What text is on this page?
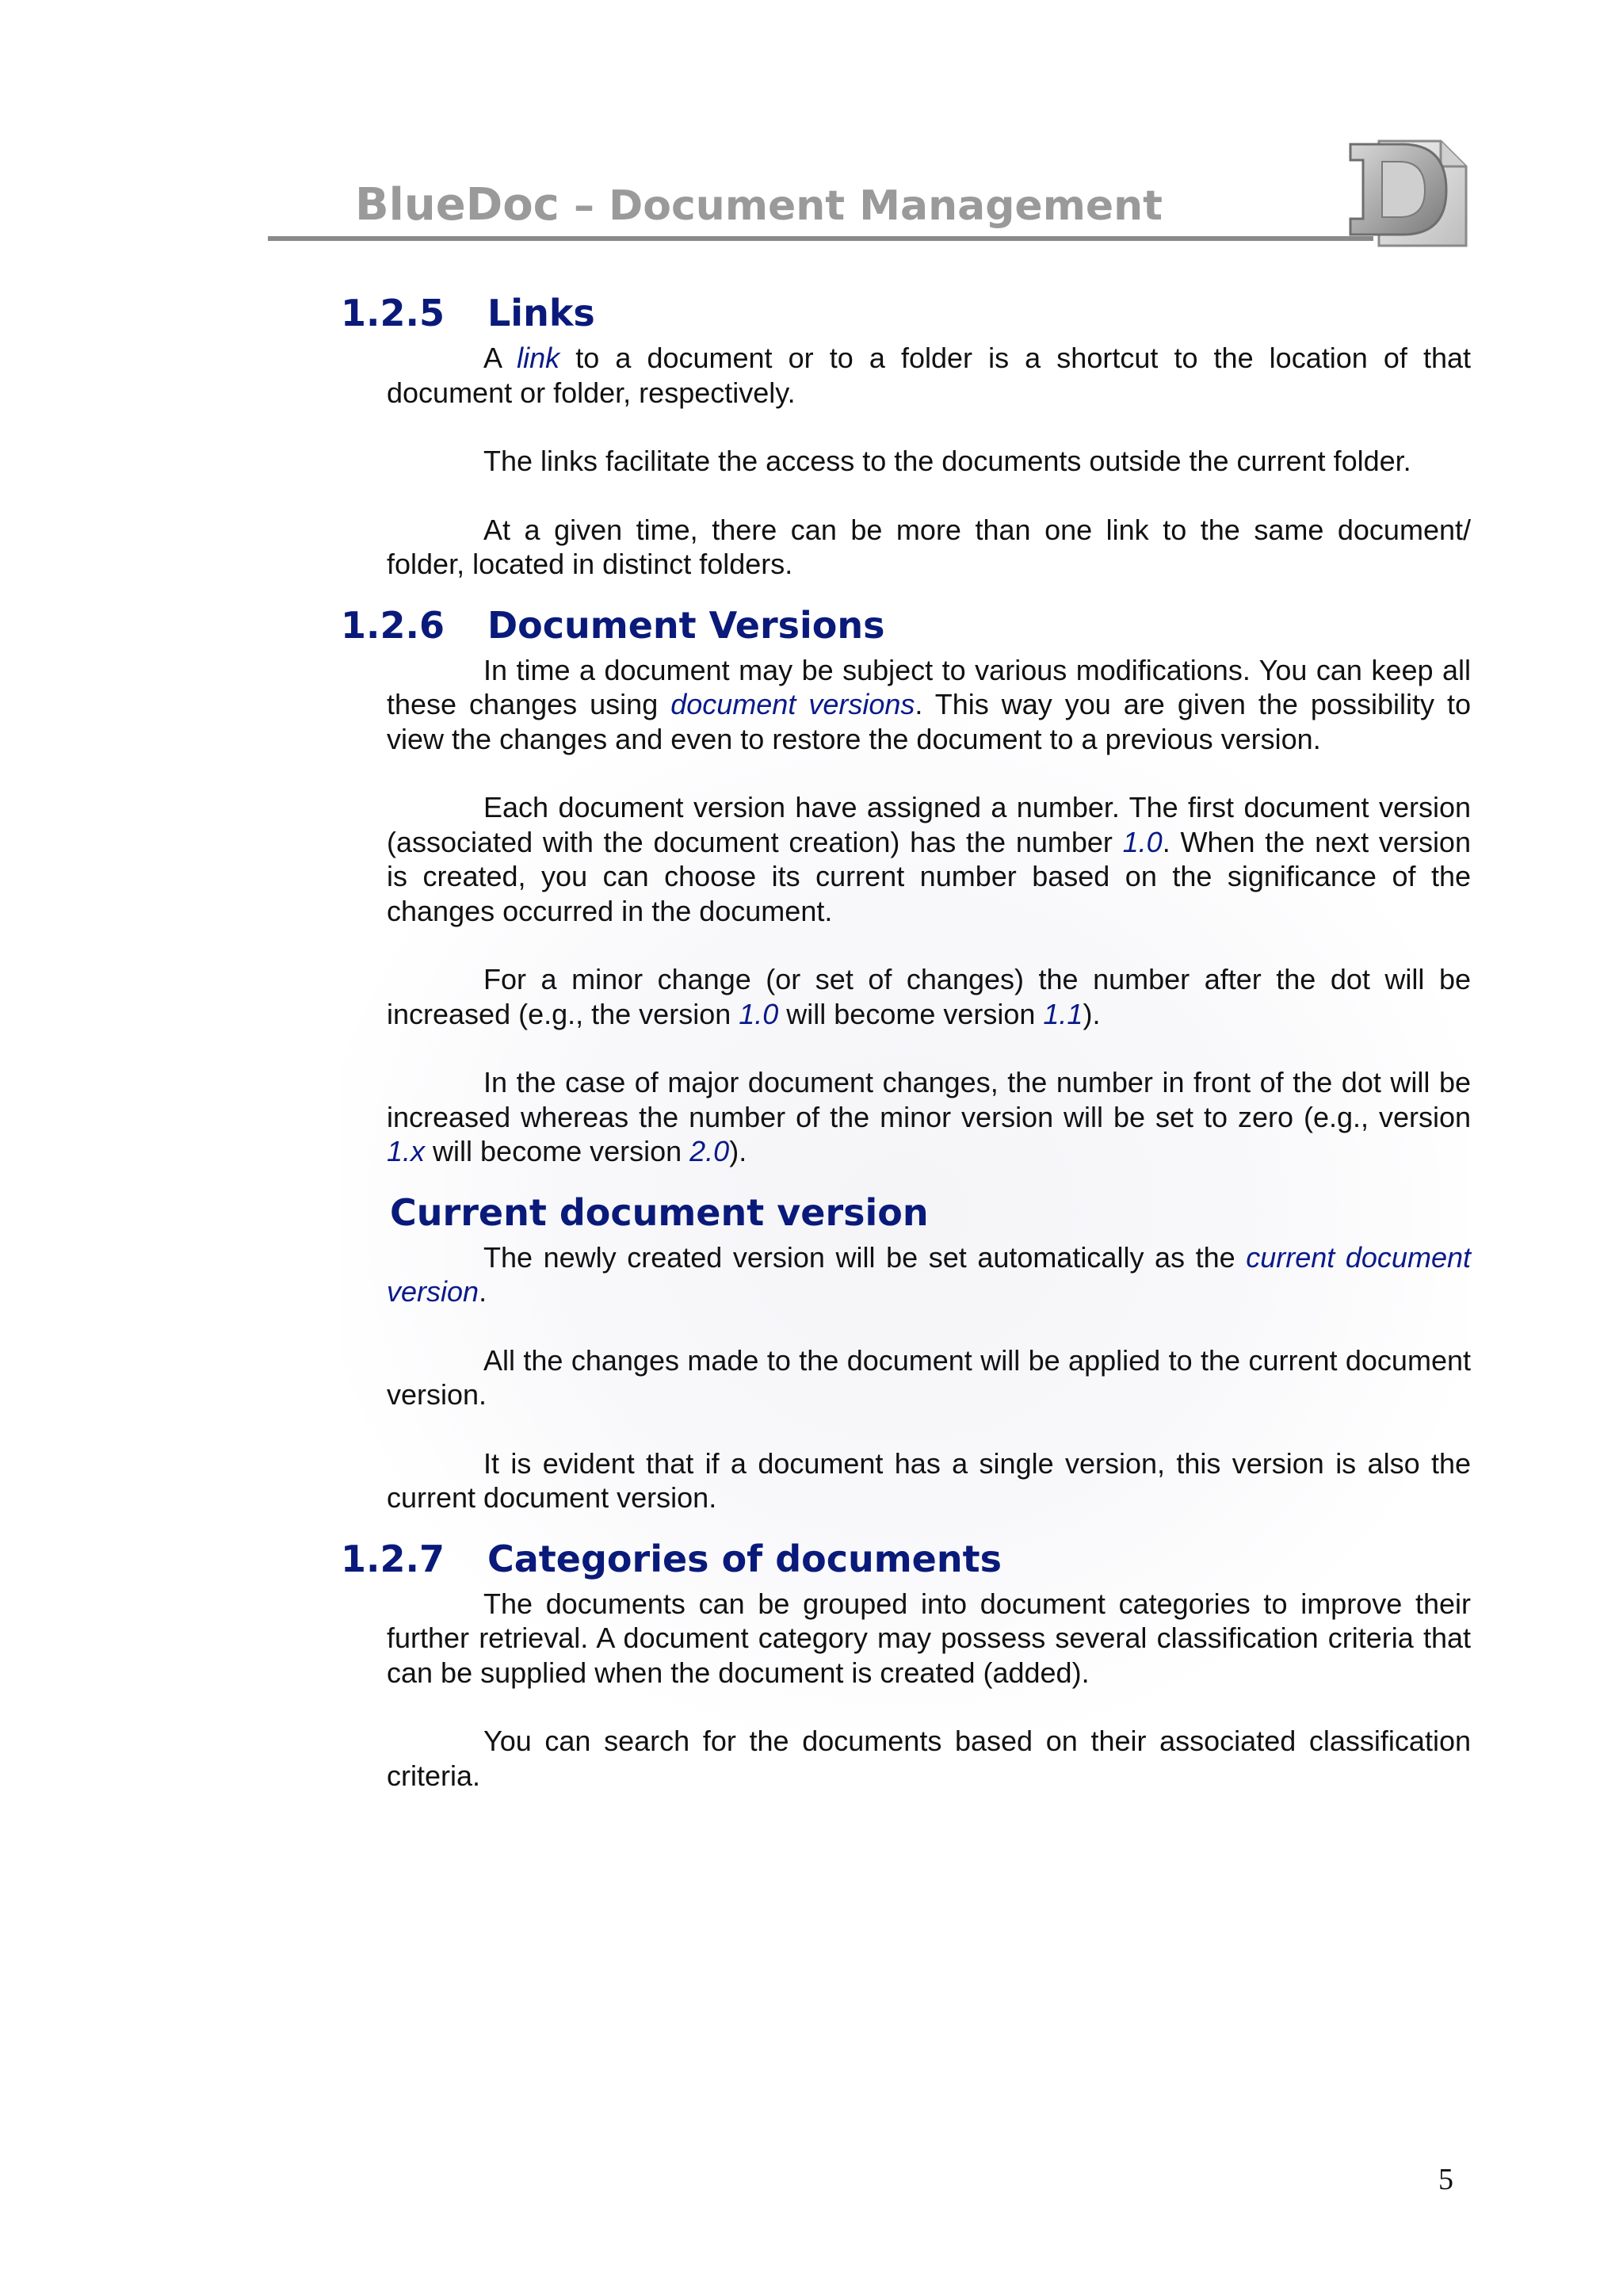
BlueDoc – Document Management
1.2.5 Links

A link to a document or to a folder is a shortcut to the location of that document or folder, respectively.

The links facilitate the access to the documents outside the current folder.

At a given time, there can be more than one link to the same document/ folder, located in distinct folders.

1.2.6 Document Versions

In time a document may be subject to various modifications. You can keep all these changes using document versions. This way you are given the possibility to view the changes and even to restore the document to a previous version.

Each document version have assigned a number. The first document version (associated with the document creation) has the number 1.0. When the next version is created, you can choose its current number based on the significance of the changes occurred in the document.

For a minor change (or set of changes) the number after the dot will be increased (e.g., the version 1.0 will become version 1.1).

In the case of major document changes, the number in front of the dot will be increased whereas the number of the minor version will be set to zero (e.g., version 1.x will become version 2.0).

Current document version

The newly created version will be set automatically as the current document version.

All the changes made to the document will be applied to the current document version.

It is evident that if a document has a single version, this version is also the current document version.

1.2.7 Categories of documents

The documents can be grouped into document categories to improve their further retrieval. A document category may possess several classification criteria that can be supplied when the document is created (added).

You can search for the documents based on their associated classification criteria.

5
